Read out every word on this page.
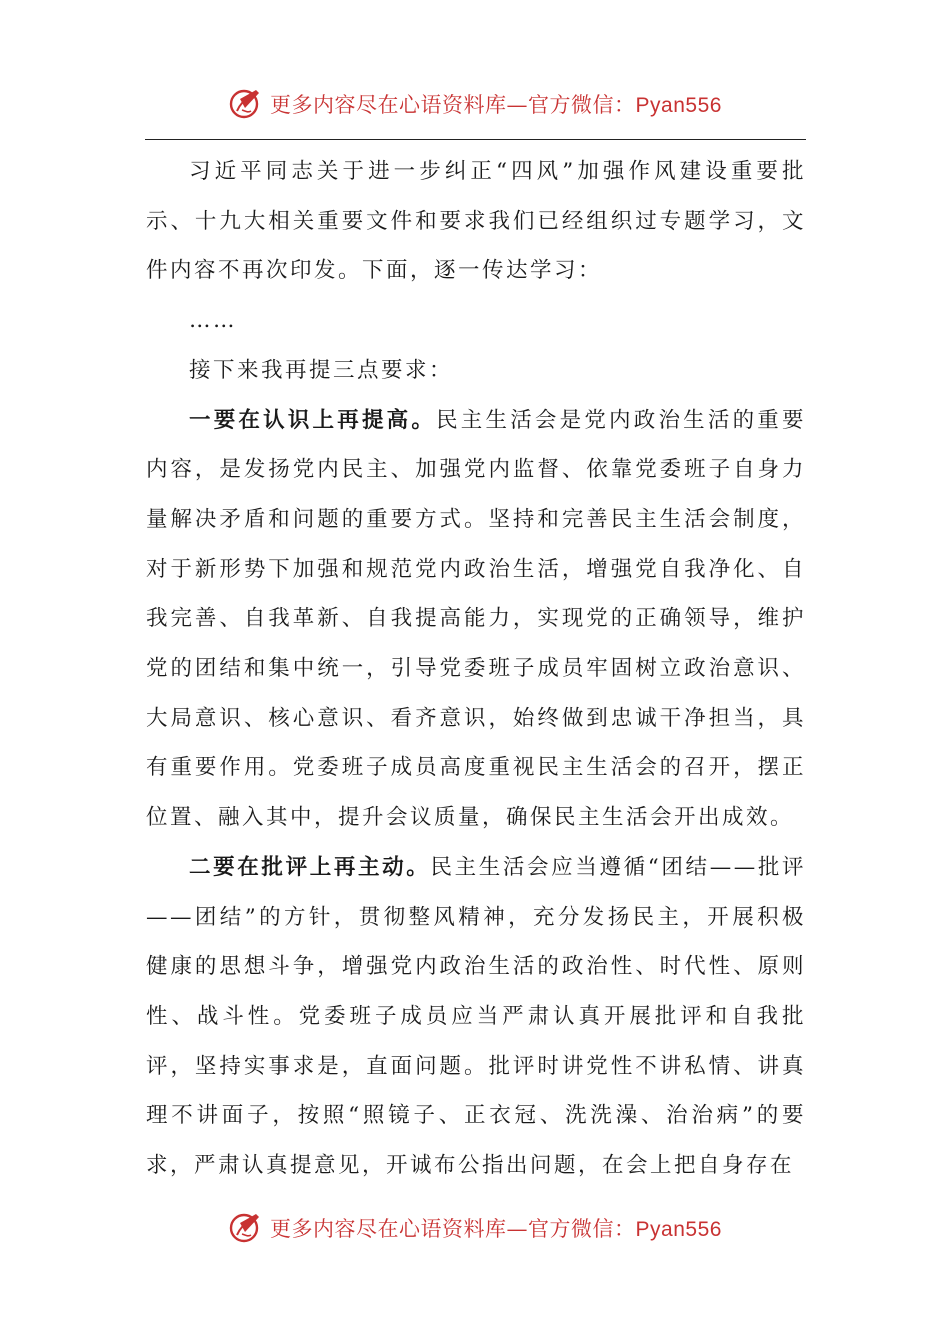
更多内容尽在心语资料库—官方微信：Pyan556

习近平同志关于进一步纠正“四风”加强作风建设重要批示、十九大相关重要文件和要求我们已经组织过专题学习，文件内容不再次印发。下面，逐一传达学习：

……

接下来我再提三点要求：

一要在认识上再提高。民主生活会是党内政治生活的重要内容，是发扬党内民主、加强党内监督、依靠党委班子自身力量解决矛盾和问题的重要方式。坚持和完善民主生活会制度，对于新形势下加强和规范党内政治生活，增强党自我净化、自我完善、自我革新、自我提高能力，实现党的正确领导，维护党的团结和集中统一，引导党委班子成员牢固树立政治意识、大局意识、核心意识、看齐意识，始终做到忠诚干净担当，具有重要作用。党委班子成员高度重视民主生活会的召开，摆正位置、融入其中，提升会议质量，确保民主生活会开出成效。

二要在批评上再主动。民主生活会应当遵循“团结——批评——团结”的方针，贯彻整风精神，充分发扬民主，开展积极健康的思想斗争，增强党内政治生活的政治性、时代性、原则性、战斗性。党委班子成员应当严肃认真开展批评和自我批评，坚持实事求是，直面问题。批评时讲党性不讲私情、讲真理不讲面子，按照“照镜子、正衣冠、洗洗澡、治治病”的要求，严肃认真提意见，开诚布公指出问题，在会上把自身存在

更多内容尽在心语资料库—官方微信：Pyan556
